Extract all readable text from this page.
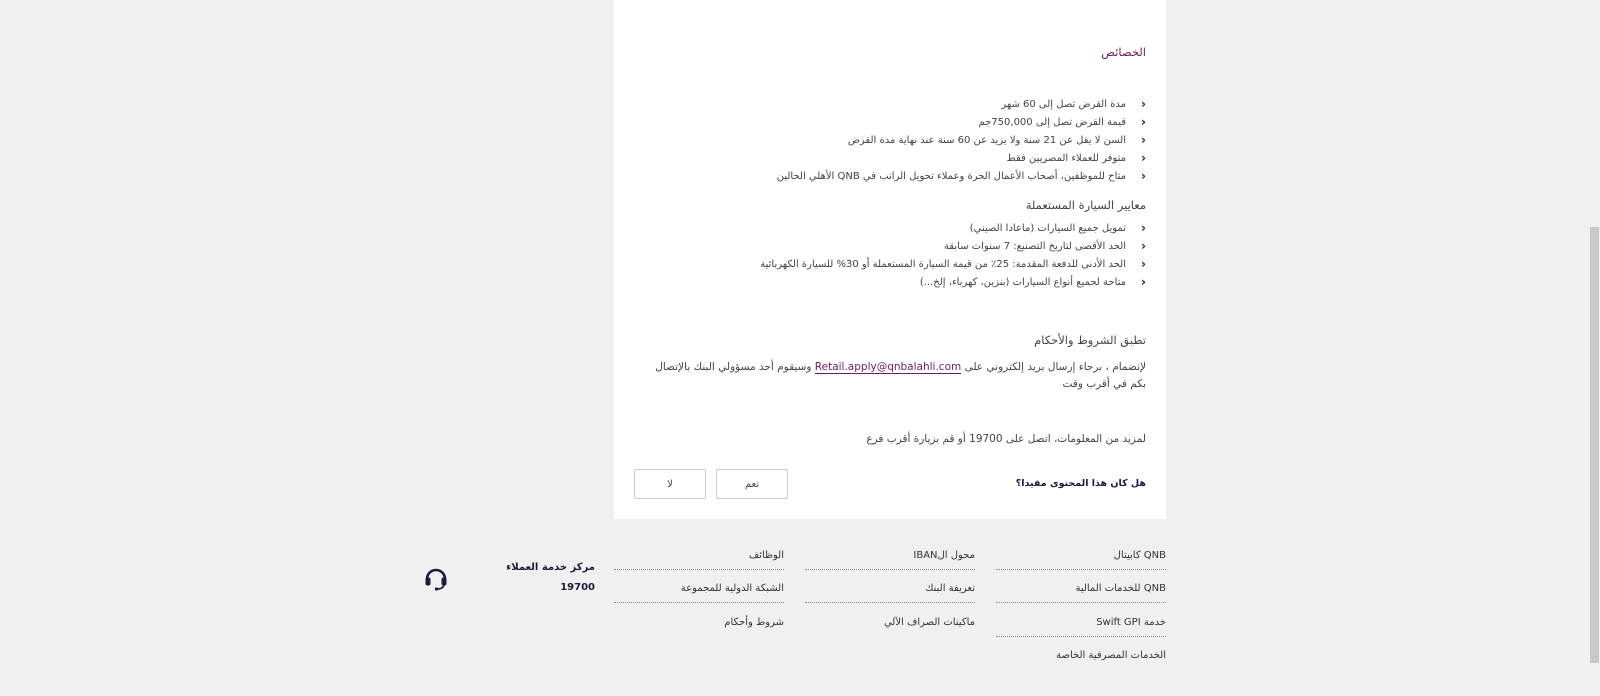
الخصائص
‹
مدة القرض تصل إلى 60 شهر
‹
قيمة القرض تصل إلى 750,000جم
‹
السن لا يقل عن 21 سنة ولا يزيد عن 60 سنة عند نهاية مدة القرض
‹
متوفر للعملاء المصريين فقط
‹
متاح للموظفين، أصحاب الأعمال الحرة وعملاء تحويل الراتب في QNB الأهلي الحالين
معايير السيارة المستعملة
‹
تمويل جميع السيارات (ماعادا الصيني)
‹
الحد الأقصى لتاريخ التصنيع: 7 سنوات سابقة
‹
الحد الأدنى للدفعة المقدمة: 25٪ من قيمة السيارة المستعملة أو 30% للسيارة الكهربائية
‹
متاحة لجميع أنواع السيارات (بنزين، كهرباء، إلخ...)
تطبق الشروط والأحكام
لإنضمام ، برجاء إرسال بريد إلكتروني على Retail.apply@qnbalahli.com وسيقوم أحد مسؤولي البنك بالإتصال بكم في أقرب وقت
لمزيد من المعلومات، اتصل على 19700 أو قم بزيارة أقرب فرع
هل كان هذا المحتوى مفيدا؟
نعم
لا
QNB كابيتال
QNB للخدمات المالية
خدمة Swift GPI
الخدمات المصرفية الخاصة
محول الIBAN
تعريفة البنك
ماكينات الصراف الآلي
الوظائف
الشبكة الدولية للمجموعة
شروط وأحكام
مركز خدمة العملاء
19700
